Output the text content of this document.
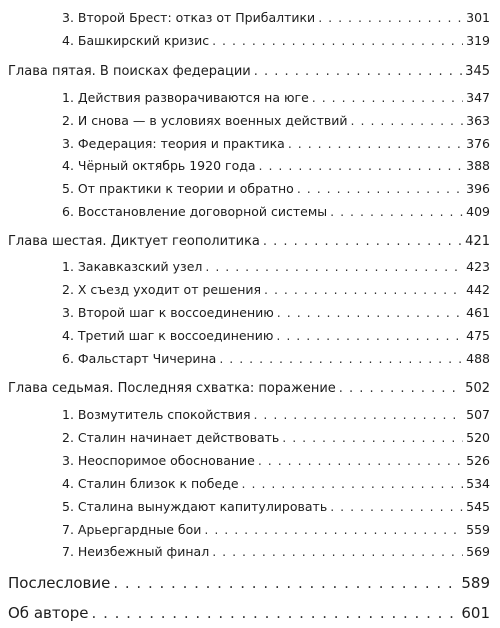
3. Второй Брест: отказ от Прибалтики . . .	301
4. Башкирский кризис . . .	319
Глава пятая. В поисках федерации . . .	345
1. Действия разворачиваются на юге . . .	347
2. И снова — в условиях военных действий . . .	363
3. Федерация: теория и практика . . .	376
4. Чёрный октябрь 1920 года . . .	388
5. От практики к теории и обратно . . .	396
6. Восстановление договорной системы . . .	409
Глава шестая. Диктует геополитика . . .	421
1. Закавказский узел . . .	423
2. X съезд уходит от решения . . .	442
3. Второй шаг к воссоединению . . .	461
4. Третий шаг к воссоединению . . .	475
6. Фальстарт Чичерина . . .	488
Глава седьмая. Последняя схватка: поражение . . .	502
1. Возмутитель спокойствия . . .	507
2. Сталин начинает действовать . . .	520
3. Неоспоримое обоснование . . .	526
4. Сталин близок к победе . . .	534
5. Сталина вынуждают капитулировать . . .	545
7. Арьергардные бои . . .	559
7. Неизбежный финал . . .	569
Послесловие . . .	589
Об авторе . . .	601
